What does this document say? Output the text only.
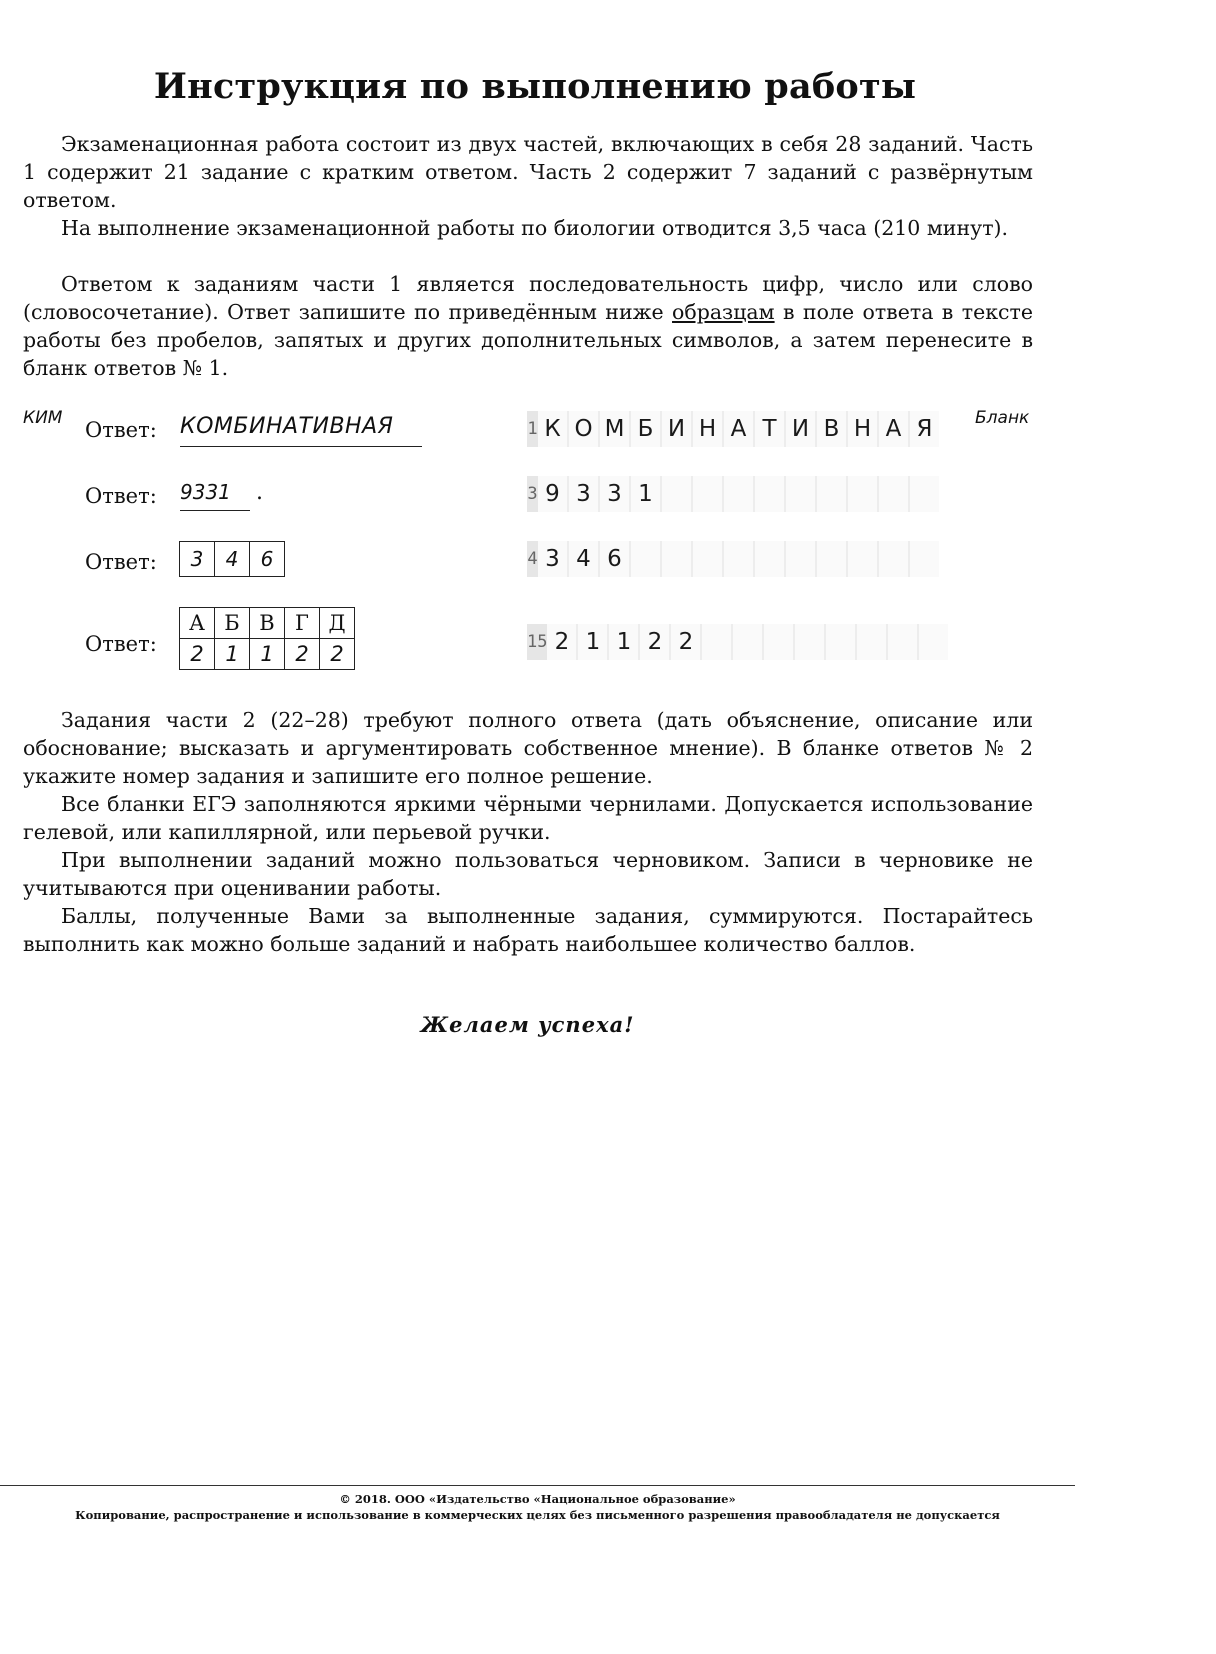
Инструкция по выполнению работы

Экзаменационная работа состоит из двух частей, включающих в себя 28 заданий. Часть 1 содержит 21 задание с кратким ответом. Часть 2 содержит 7 заданий с развёрнутым ответом.

На выполнение экзаменационной работы по биологии отводится 3,5 часа (210 минут).

Ответом к заданиям части 1 является последовательность цифр, число или слово (словосочетание). Ответ запишите по приведённым ниже образцам в поле ответа в тексте работы без пробелов, запятых и других дополнительных символов, а затем перенесите в бланк ответов № 1.

КИМ	Бланк
Ответ: КОМБИНАТИВНАЯ	1 К О М Б И Н А Т И В Н А Я
Ответ: 9331	.	3 9 3 3 1
Ответ:	3	4	6	4 3 4 6
Ответ:
А	Б	В	Г	Д
2	1	1	2	2	15 2 1 1 2 2

Задания части 2 (22–28) требуют полного ответа (дать объяснение, описание или обоснование; высказать и аргументировать собственное мнение). В бланке ответов № 2 укажите номер задания и запишите его полное решение.

Все бланки ЕГЭ заполняются яркими чёрными чернилами. Допускается использование гелевой, или капиллярной, или перьевой ручки.

При выполнении заданий можно пользоваться черновиком. Записи в черновике не учитываются при оценивании работы.

Баллы, полученные Вами за выполненные задания, суммируются. Постарайтесь выполнить как можно больше заданий и набрать наибольшее количество баллов.

Желаем успеха!
© 2018. ООО «Издательство «Национальное образование»
Копирование, распространение и использование в коммерческих целях без письменного разрешения правообладателя не допускается
